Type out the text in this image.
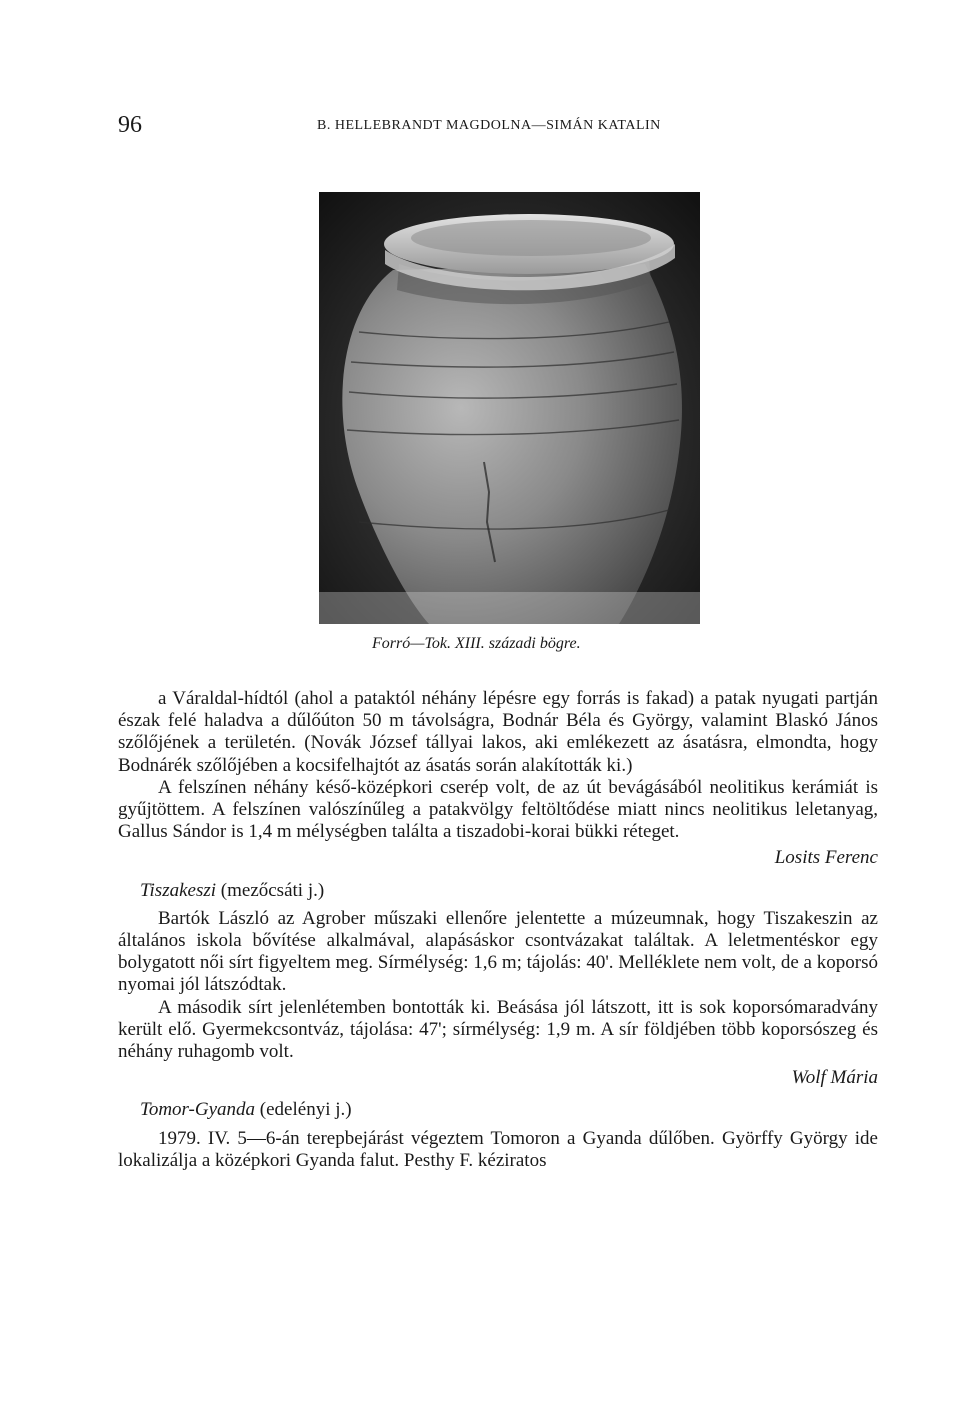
96	B. HELLEBRANDT MAGDOLNA—SIMÁN KATALIN
Forró—Tok. XIII. századi bögre.

a Váraldal-hídtól (ahol a pataktól néhány lépésre egy forrás is fakad) a patak nyugati partján észak felé haladva a dűlőúton 50 m távolságra, Bodnár Béla és György, valamint Blaskó János szőlőjének a területén. (Novák József tállyai lakos, aki emlékezett az ásatásra, elmondta, hogy Bodnárék szőlőjében a kocsifelhajtót az ásatás során alakították ki.)

A felszínen néhány késő-középkori cserép volt, de az út bevágásából neolitikus kerámiát is gyűjtöttem. A felszínen valószínűleg a patakvölgy feltöltődése miatt nincs neolitikus leletanyag, Gallus Sándor is 1,4 m mélységben találta a tiszadobi-korai bükki réteget.

Losits Ferenc

Tiszakeszi (mezőcsáti j.)

Bartók László az Agrober műszaki ellenőre jelentette a múzeumnak, hogy Tiszakeszin az általános iskola bővítése alkalmával, alapásáskor csontvázakat találtak. A leletmentéskor egy bolygatott női sírt figyeltem meg. Sírmélység: 1,6 m; tájolás: 40'. Melléklete nem volt, de a koporsó nyomai jól látszódtak.

A második sírt jelenlétemben bontották ki. Beásása jól látszott, itt is sok koporsómaradvány került elő. Gyermekcsontváz, tájolása: 47'; sírmélység: 1,9 m. A sír földjében több koporsószeg és néhány ruhagomb volt.

Wolf Mária

Tomor-Gyanda (edelényi j.)

1979. IV. 5—6-án terepbejárást végeztem Tomoron a Gyanda dűlőben. Györffy György ide lokalizálja a középkori Gyanda falut. Pesthy F. kéziratos
